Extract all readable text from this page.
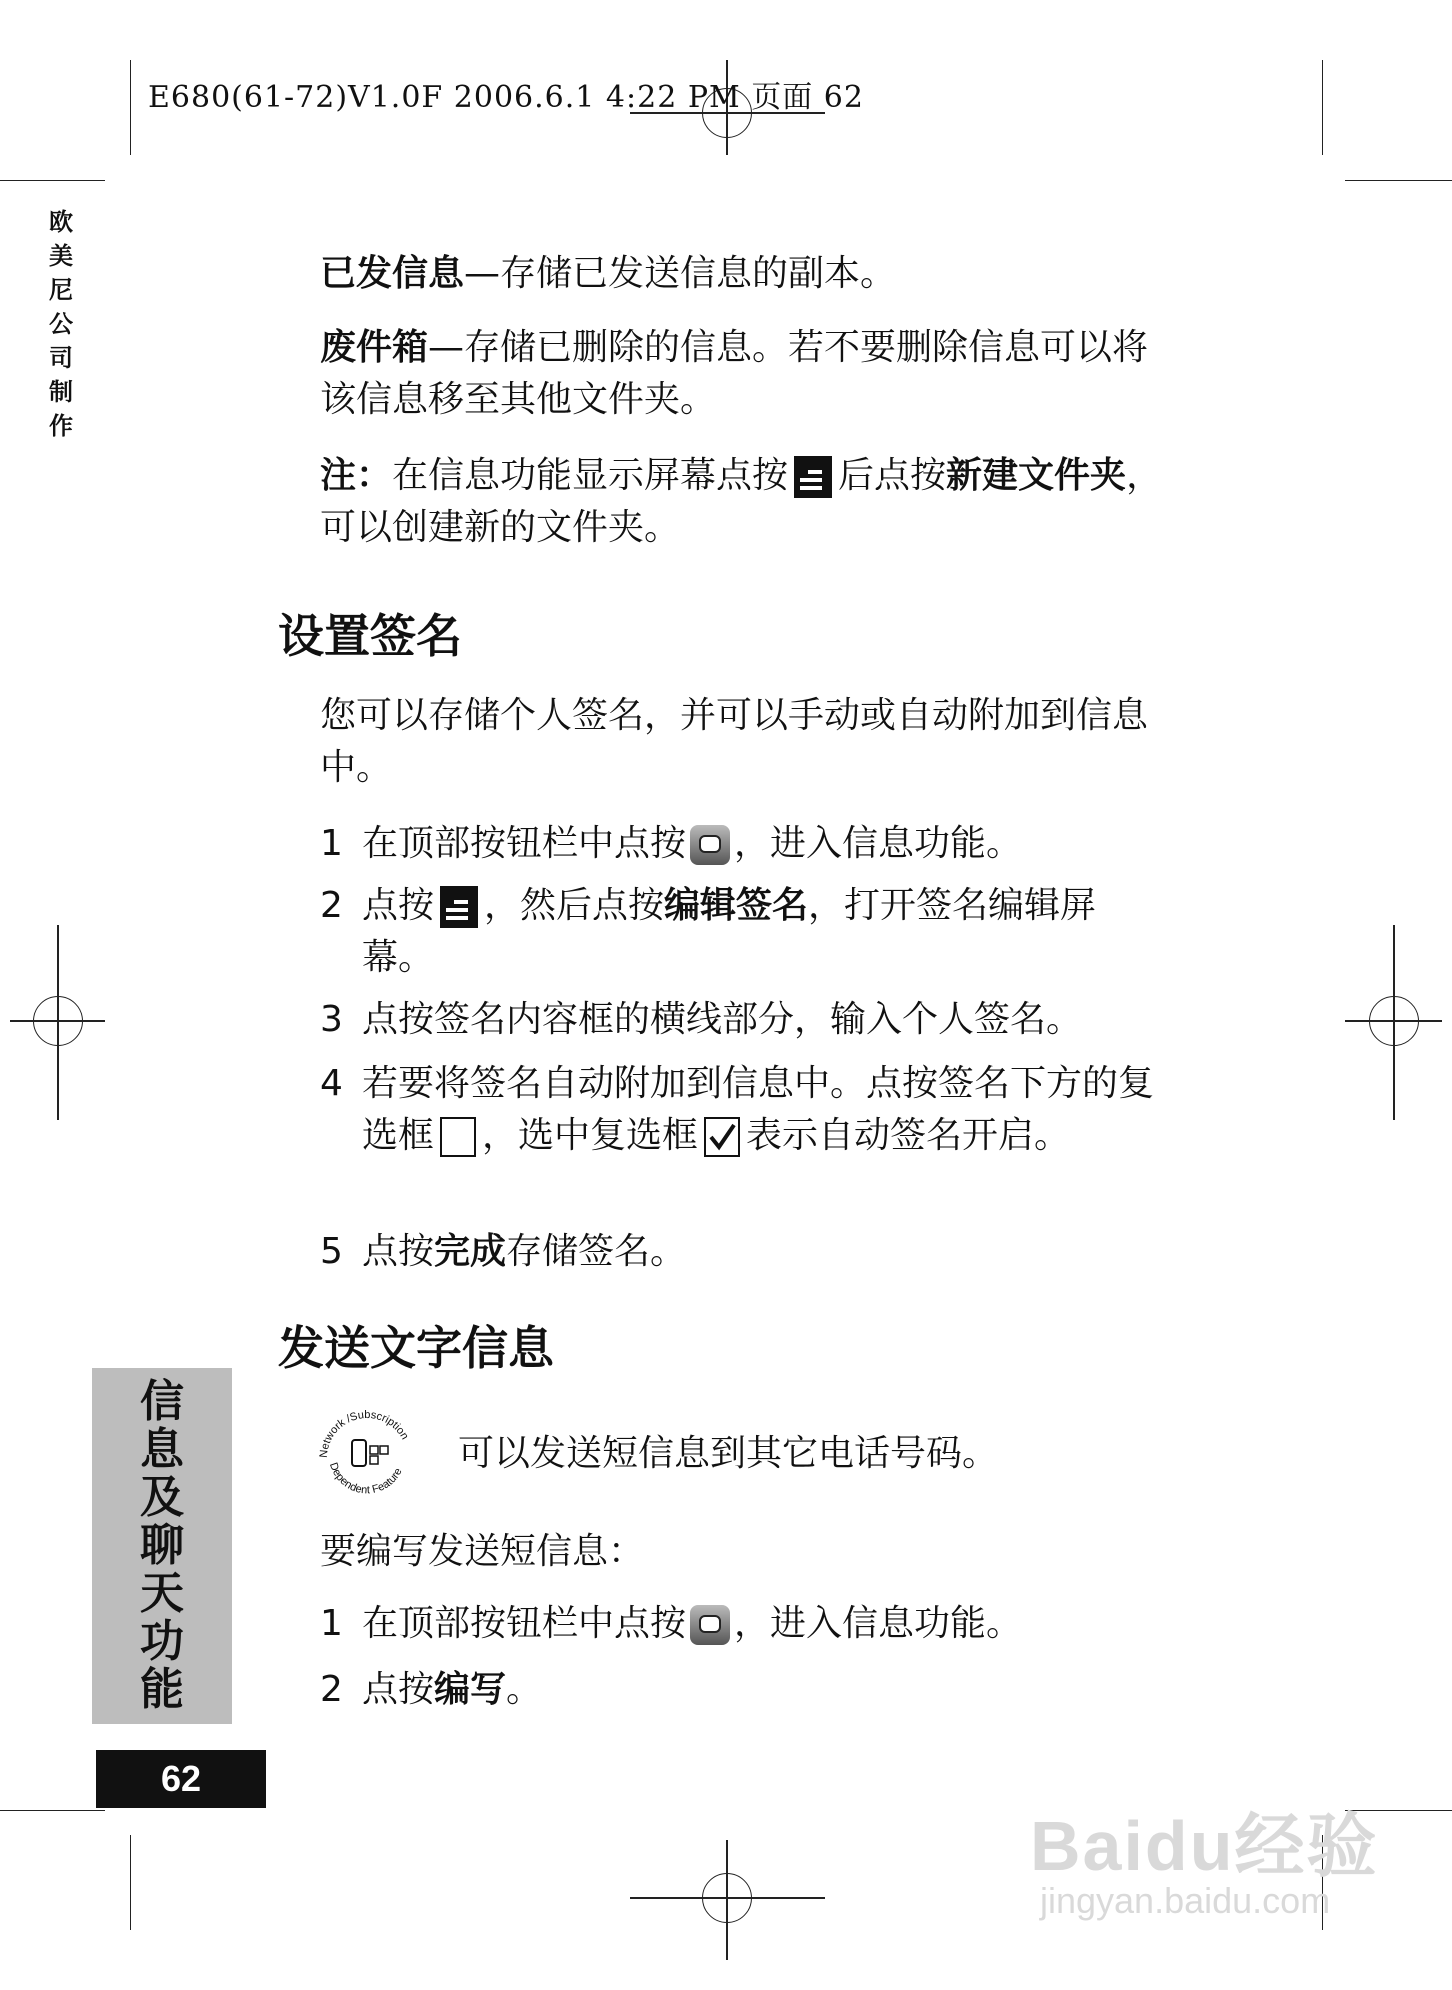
E680(61-72)V1.0F 2006.6.1 4:22 PM 页面 62
欧
美
尼
公
司
制
作
已发信息—存储已发送信息的副本。
废件箱—存储已删除的信息。若不要删除信息可以将该信息移至其他文件夹。
注：在信息功能显示屏幕点按 后点按新建文件夹，可以创建新的文件夹。
设置签名
您可以存储个人签名，并可以手动或自动附加到信息中。
1 在顶部按钮栏中点按 ，进入信息功能。
2 点按 ，然后点按编辑签名，打开签名编辑屏幕。
3 点按签名内容框的横线部分，输入个人签名。
4 若要将签名自动附加到信息中。点按签名下方的复选框 ，选中复选框 表示自动签名开启。
5 点按完成存储签名。
发送文字信息
Network /Subscription
Dependent Feature 可以发送短信息到其它电话号码。
要编写发送短信息：
1 在顶部按钮栏中点按 ，进入信息功能。
2 点按编写。
信
息
及
聊
天
功
能
62
Baidu经验
jingyan.baidu.com
